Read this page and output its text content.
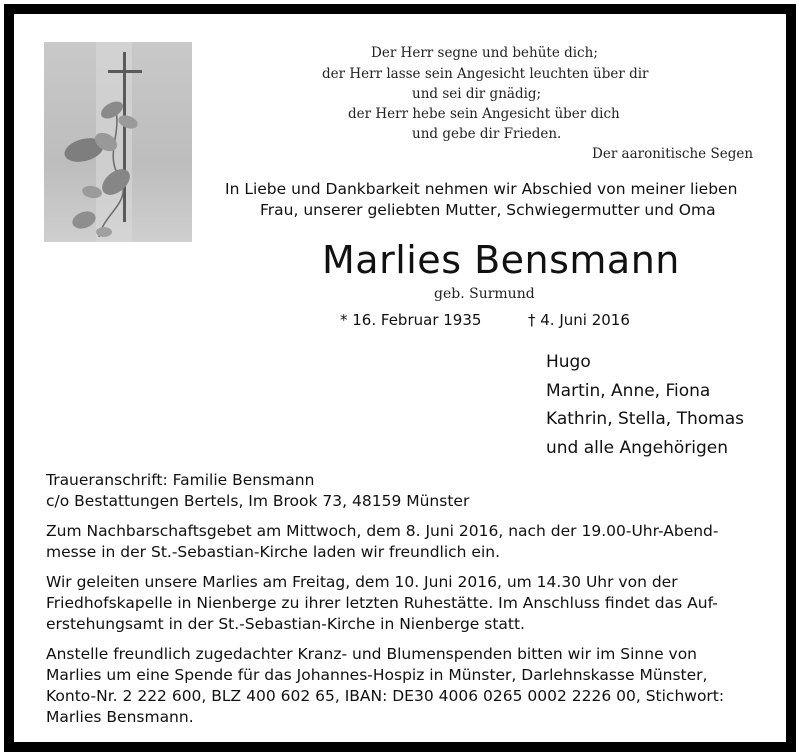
Der Herr segne und behüte dich;
der Herr lasse sein Angesicht leuchten über dir
und sei dir gnädig;
der Herr hebe sein Angesicht über dich
und gebe dir Frieden.
Der aaronitische Segen
In Liebe und Dankbarkeit nehmen wir Abschied von meiner lieben
Frau, unserer geliebten Mutter, Schwiegermutter und Oma
Marlies Bensmann
geb. Surmund
* 16. Februar 1935	† 4. Juni 2016
Hugo
Martin, Anne, Fiona
Kathrin, Stella, Thomas
und alle Angehörigen
Traueranschrift: Familie Bensmann
c/o Bestattungen Bertels, Im Brook 73, 48159 Münster
Zum Nachbarschaftsgebet am Mittwoch, dem 8. Juni 2016, nach der 19.00-Uhr-Abend-
messe in der St.-Sebastian-Kirche laden wir freundlich ein.
Wir geleiten unsere Marlies am Freitag, dem 10. Juni 2016, um 14.30 Uhr von der
Friedhofskapelle in Nienberge zu ihrer letzten Ruhestätte. Im Anschluss findet das Auf-
erstehungsamt in der St.-Sebastian-Kirche in Nienberge statt.
Anstelle freundlich zugedachter Kranz- und Blumenspenden bitten wir im Sinne von
Marlies um eine Spende für das Johannes-Hospiz in Münster, Darlehnskasse Münster,
Konto-Nr. 2 222 600, BLZ 400 602 65, IBAN: DE30 4006 0265 0002 2226 00, Stichwort:
Marlies Bensmann.
